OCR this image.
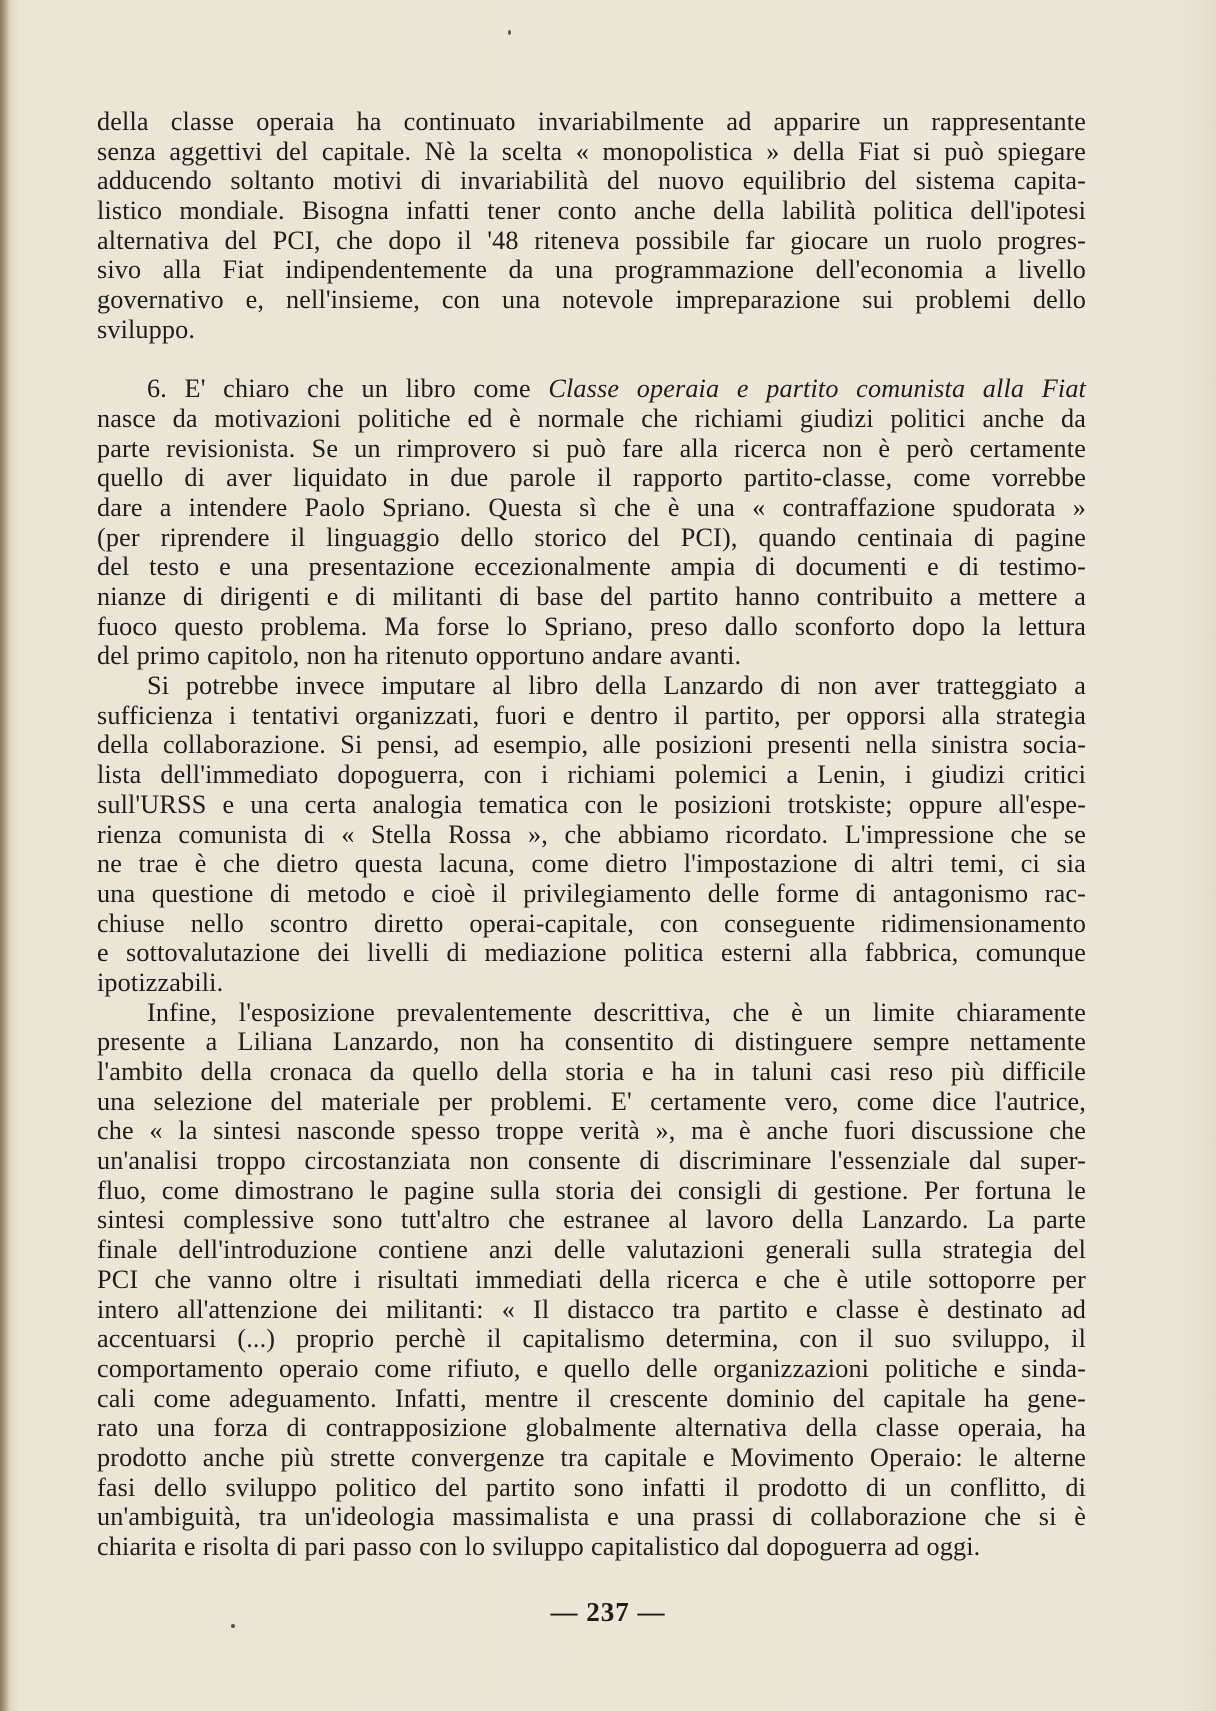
della classe operaia ha continuato invariabilmente ad apparire un rappresentante
senza aggettivi del capitale. Nè la scelta « monopolistica » della Fiat si può spiegare
adducendo soltanto motivi di invariabilità del nuovo equilibrio del sistema capita-
listico mondiale. Bisogna infatti tener conto anche della labilità politica dell'ipotesi
alternativa del PCI, che dopo il '48 riteneva possibile far giocare un ruolo progres-
sivo alla Fiat indipendentemente da una programmazione dell'economia a livello
governativo e, nell'insieme, con una notevole impreparazione sui problemi dello
sviluppo.
6. E' chiaro che un libro come Classe operaia e partito comunista alla Fiat
nasce da motivazioni politiche ed è normale che richiami giudizi politici anche da
parte revisionista. Se un rimprovero si può fare alla ricerca non è però certamente
quello di aver liquidato in due parole il rapporto partito-classe, come vorrebbe
dare a intendere Paolo Spriano. Questa sì che è una « contraffazione spudorata »
(per riprendere il linguaggio dello storico del PCI), quando centinaia di pagine
del testo e una presentazione eccezionalmente ampia di documenti e di testimo-
nianze di dirigenti e di militanti di base del partito hanno contribuito a mettere a
fuoco questo problema. Ma forse lo Spriano, preso dallo sconforto dopo la lettura
del primo capitolo, non ha ritenuto opportuno andare avanti.
Si potrebbe invece imputare al libro della Lanzardo di non aver tratteggiato a
sufficienza i tentativi organizzati, fuori e dentro il partito, per opporsi alla strategia
della collaborazione. Si pensi, ad esempio, alle posizioni presenti nella sinistra socia-
lista dell'immediato dopoguerra, con i richiami polemici a Lenin, i giudizi critici
sull'URSS e una certa analogia tematica con le posizioni trotskiste; oppure all'espe-
rienza comunista di « Stella Rossa », che abbiamo ricordato. L'impressione che se
ne trae è che dietro questa lacuna, come dietro l'impostazione di altri temi, ci sia
una questione di metodo e cioè il privilegiamento delle forme di antagonismo rac-
chiuse nello scontro diretto operai-capitale, con conseguente ridimensionamento
e sottovalutazione dei livelli di mediazione politica esterni alla fabbrica, comunque
ipotizzabili.
Infine, l'esposizione prevalentemente descrittiva, che è un limite chiaramente
presente a Liliana Lanzardo, non ha consentito di distinguere sempre nettamente
l'ambito della cronaca da quello della storia e ha in taluni casi reso più difficile
una selezione del materiale per problemi. E' certamente vero, come dice l'autrice,
che « la sintesi nasconde spesso troppe verità », ma è anche fuori discussione che
un'analisi troppo circostanziata non consente di discriminare l'essenziale dal super-
fluo, come dimostrano le pagine sulla storia dei consigli di gestione. Per fortuna le
sintesi complessive sono tutt'altro che estranee al lavoro della Lanzardo. La parte
finale dell'introduzione contiene anzi delle valutazioni generali sulla strategia del
PCI che vanno oltre i risultati immediati della ricerca e che è utile sottoporre per
intero all'attenzione dei militanti: « Il distacco tra partito e classe è destinato ad
accentuarsi (...) proprio perchè il capitalismo determina, con il suo sviluppo, il
comportamento operaio come rifiuto, e quello delle organizzazioni politiche e sinda-
cali come adeguamento. Infatti, mentre il crescente dominio del capitale ha gene-
rato una forza di contrapposizione globalmente alternativa della classe operaia, ha
prodotto anche più strette convergenze tra capitale e Movimento Operaio: le alterne
fasi dello sviluppo politico del partito sono infatti il prodotto di un conflitto, di
un'ambiguità, tra un'ideologia massimalista e una prassi di collaborazione che si è
chiarita e risolta di pari passo con lo sviluppo capitalistico dal dopoguerra ad oggi.
— 237 —
